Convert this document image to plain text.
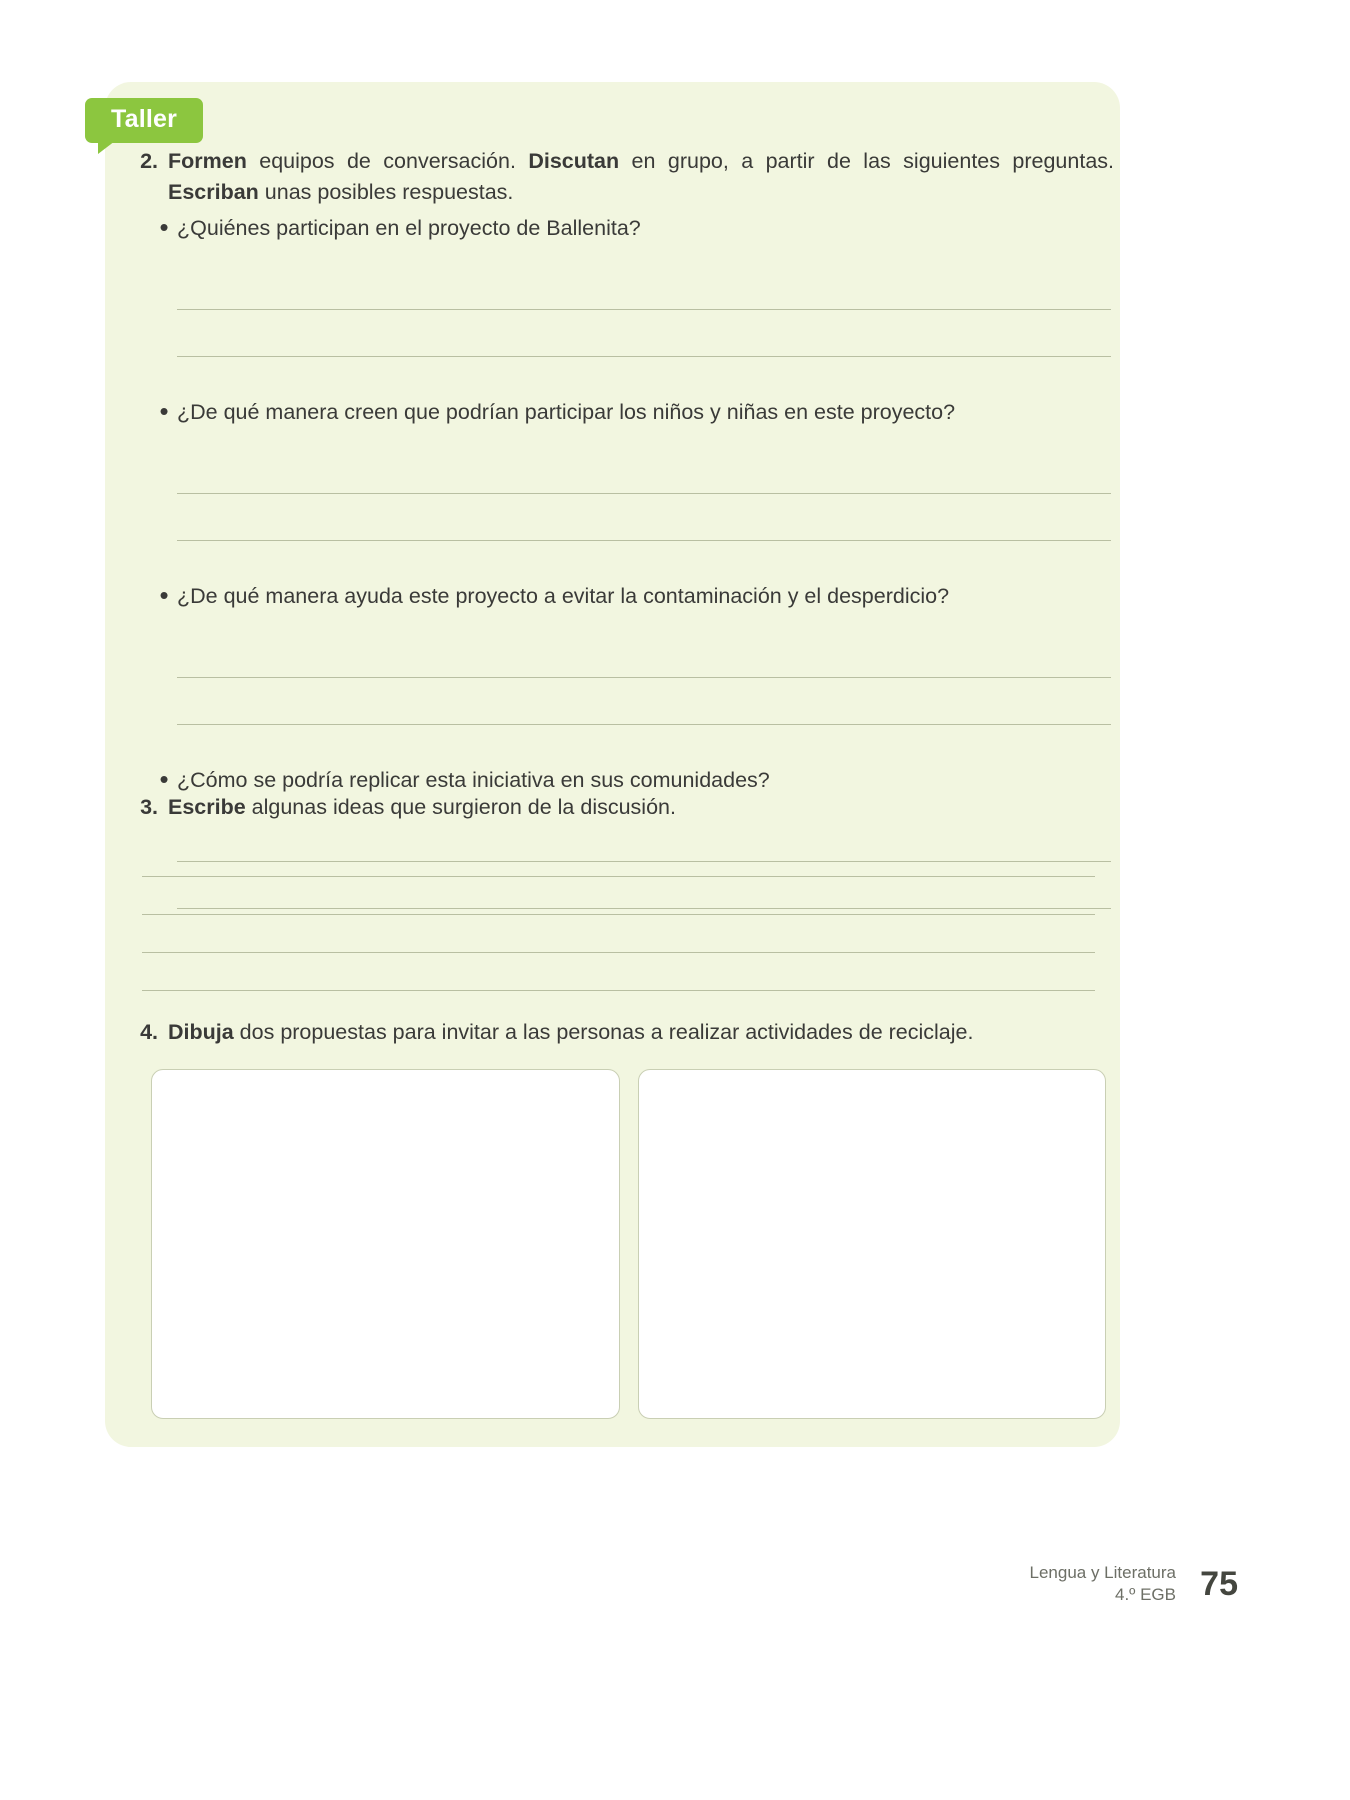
Taller
2. Formen equipos de conversación. Discutan en grupo, a partir de las siguientes preguntas. Escriban unas posibles respuestas.
• ¿Quiénes participan en el proyecto de Ballenita?
• ¿De qué manera creen que podrían participar los niños y niñas en este proyecto?
• ¿De qué manera ayuda este proyecto a evitar la contaminación y el desperdicio?
• ¿Cómo se podría replicar esta iniciativa en sus comunidades?
3. Escribe algunas ideas que surgieron de la discusión.
4. Dibuja dos propuestas para invitar a las personas a realizar actividades de reciclaje.
Lengua y Literatura
4.º EGB 75
